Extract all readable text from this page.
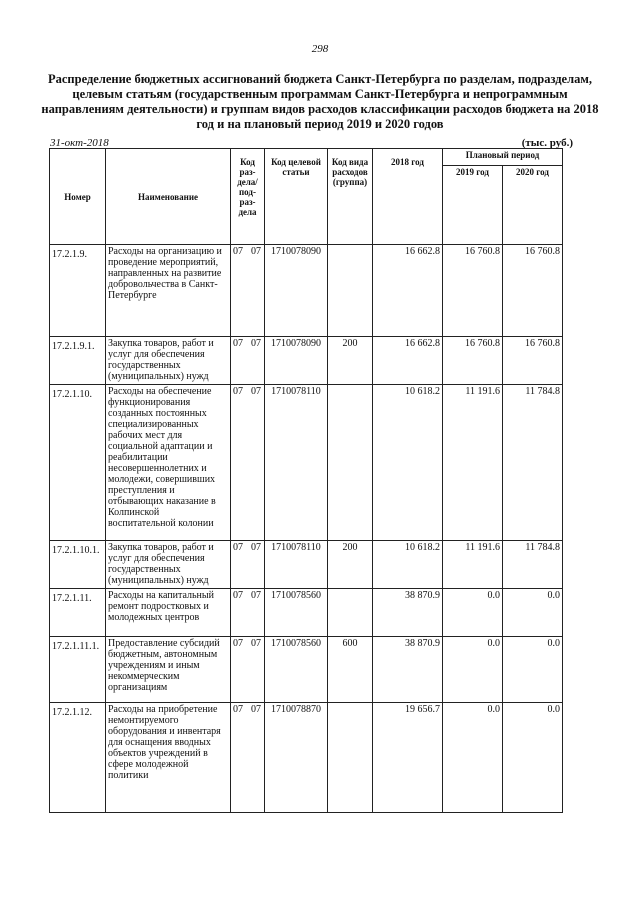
298
Распределение бюджетных ассигнований бюджета Санкт-Петербурга по разделам, подразделам, целевым статьям (государственным программам Санкт-Петербурга и непрограммным направлениям деятельности) и группам видов расходов классификации расходов бюджета на 2018 год и на плановый период 2019 и 2020 годов
31-окт-2018	(тыс. руб.)
Номер	Наименование	Код раз-дела/ под-раз-дела	Код целевой статьи	Код вида расходов (группа)	2018 год	Плановый период	
						2019 год	2020 год
17.2.1.9.	Расходы на организацию и проведение мероприятий, направленных на развитие добровольчества в Санкт-Петербурге	07 07	1710078090		16 662.8	16 760.8	16 760.8
17.2.1.9.1.	Закупка товаров, работ и услуг для обеспечения государственных (муниципальных) нужд	07 07	1710078090	200	16 662.8	16 760.8	16 760.8
17.2.1.10.	Расходы на обеспечение функционирования созданных постоянных специализированных рабочих мест для социальной адаптации и реабилитации несовершеннолетних и молодежи, совершивших преступления и отбывающих наказание в Колпинской воспитательной колонии	07 07	1710078110		10 618.2	11 191.6	11 784.8
17.2.1.10.1.	Закупка товаров, работ и услуг для обеспечения государственных (муниципальных) нужд	07 07	1710078110	200	10 618.2	11 191.6	11 784.8
17.2.1.11.	Расходы на капитальный ремонт подростковых и молодежных центров	07 07	1710078560		38 870.9	0.0	0.0
17.2.1.11.1.	Предоставление субсидий бюджетным, автономным учреждениям и иным некоммерческим организациям	07 07	1710078560	600	38 870.9	0.0	0.0
17.2.1.12.	Расходы на приобретение немонтируемого оборудования и инвентаря для оснащения вводных объектов учреждений в сфере молодежной политики	07 07	1710078870		19 656.7	0.0	0.0
